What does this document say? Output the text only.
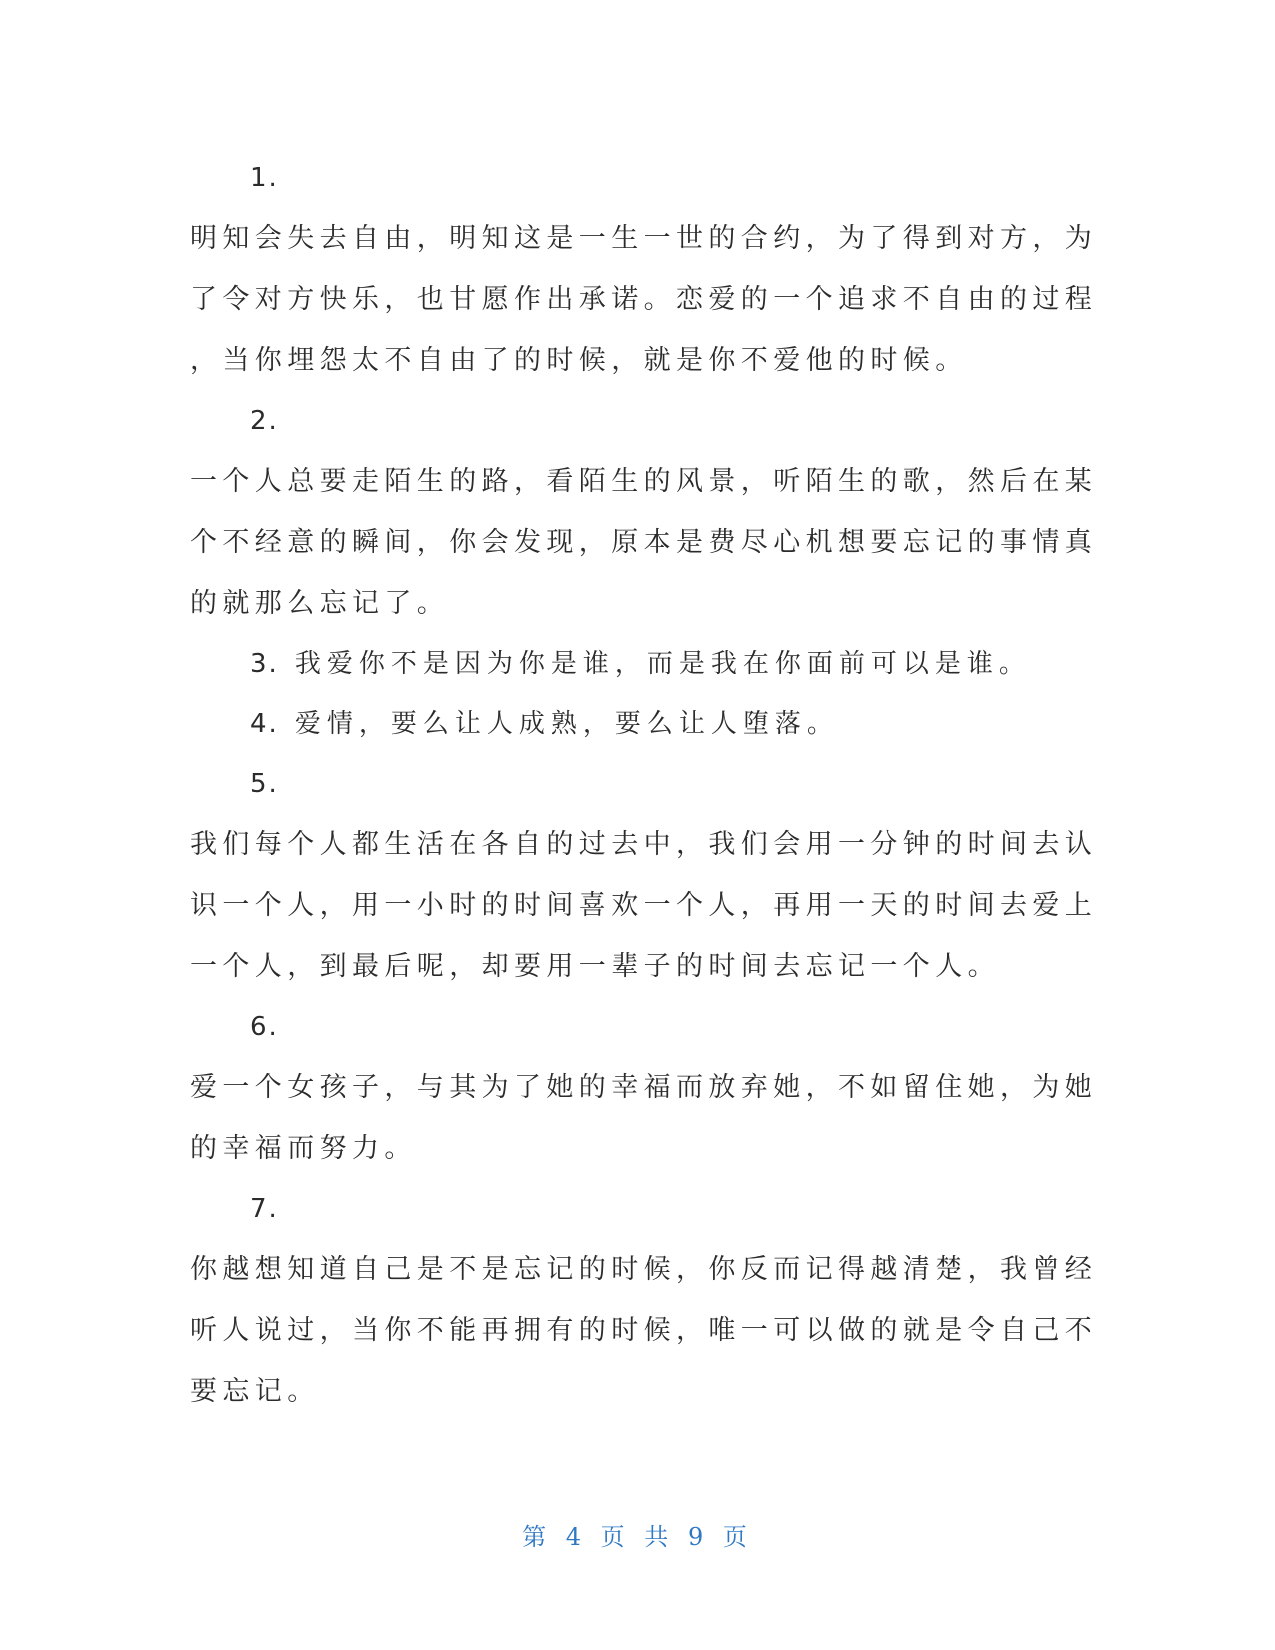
1.

明知会失去自由，明知这是一生一世的合约，为了得到对方，为
了令对方快乐，也甘愿作出承诺。恋爱的一个追求不自由的过程
，当你埋怨太不自由了的时候，就是你不爱他的时候。

2.

一个人总要走陌生的路，看陌生的风景，听陌生的歌，然后在某
个不经意的瞬间，你会发现，原本是费尽心机想要忘记的事情真
的就那么忘记了。

3. 我爱你不是因为你是谁，而是我在你面前可以是谁。
4. 爱情，要么让人成熟，要么让人堕落。
5.

我们每个人都生活在各自的过去中，我们会用一分钟的时间去认
识一个人，用一小时的时间喜欢一个人，再用一天的时间去爱上
一个人，到最后呢，却要用一辈子的时间去忘记一个人。

6.

爱一个女孩子，与其为了她的幸福而放弃她，不如留住她，为她
的幸福而努力。

7.

你越想知道自己是不是忘记的时候，你反而记得越清楚，我曾经
听人说过，当你不能再拥有的时候，唯一可以做的就是令自己不
要忘记。

第 4 页 共 9 页
